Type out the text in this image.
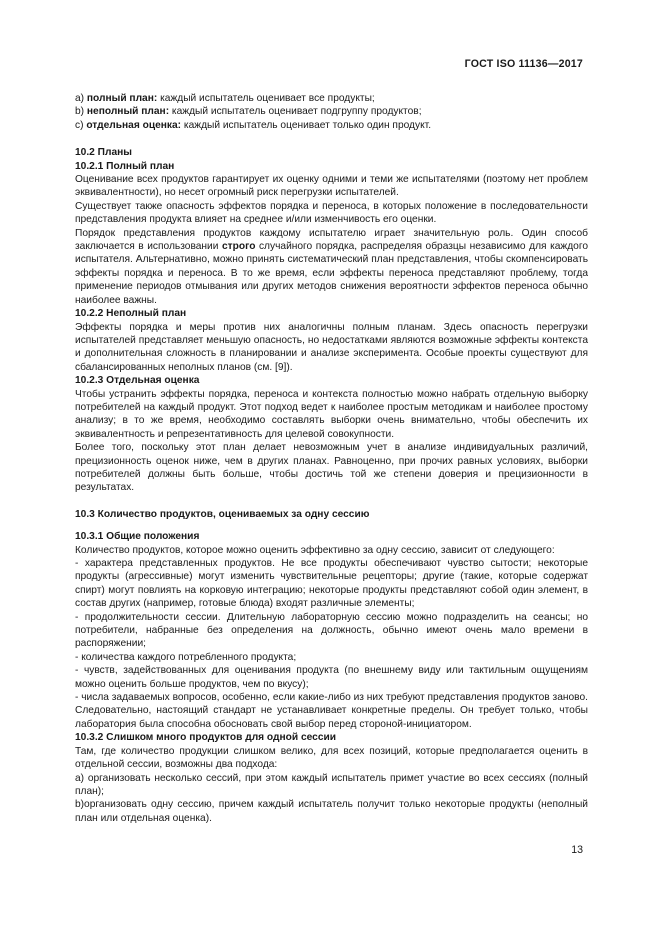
ГОСТ ISO 11136—2017

a) полный план: каждый испытатель оценивает все продукты;

b) неполный план: каждый испытатель оценивает подгруппу продуктов;

c) отдельная оценка: каждый испытатель оценивает только один продукт.

10.2 Планы

10.2.1 Полный план

Оценивание всех продуктов гарантирует их оценку одними и теми же испытателями (поэтому нет проблем эквивалентности), но несет огромный риск перегрузки испытателей.

Существует также опасность эффектов порядка и переноса, в которых положение в последовательности представления продукта влияет на среднее и/или изменчивость его оценки.

Порядок представления продуктов каждому испытателю играет значительную роль. Один способ заключается в использовании строго случайного порядка, распределяя образцы независимо для каждого испытателя. Альтернативно, можно принять систематический план представления, чтобы скомпенсировать эффекты порядка и переноса. В то же время, если эффекты переноса представляют проблему, тогда применение периодов отмывания или других методов снижения вероятности эффектов переноса обычно наиболее важны.

10.2.2 Неполный план

Эффекты порядка и меры против них аналогичны полным планам. Здесь опасность перегрузки испытателей представляет меньшую опасность, но недостатками являются возможные эффекты контекста и дополнительная сложность в планировании и анализе эксперимента. Особые проекты существуют для сбалансированных неполных планов (см. [9]).

10.2.3 Отдельная оценка

Чтобы устранить эффекты порядка, переноса и контекста полностью можно набрать отдельную выборку потребителей на каждый продукт. Этот подход ведет к наиболее простым методикам и наиболее простому анализу; в то же время, необходимо составлять выборки очень внимательно, чтобы обеспечить их эквивалентность и репрезентативность для целевой совокупности.

Более того, поскольку этот план делает невозможным учет в анализе индивидуальных различий, прецизионность оценок ниже, чем в других планах. Равноценно, при прочих равных условиях, выборки потребителей должны быть больше, чтобы достичь той же степени доверия и прецизионности в результатах.

10.3 Количество продуктов, оцениваемых за одну сессию

10.3.1 Общие положения

Количество продуктов, которое можно оценить эффективно за одну сессию, зависит от следующего:

- характера представленных продуктов. Не все продукты обеспечивают чувство сытости; некоторые продукты (агрессивные) могут изменить чувствительные рецепторы; другие (такие, которые содержат спирт) могут повлиять на корковую интеграцию; некоторые продукты представляют собой один элемент, в состав других (например, готовые блюда) входят различные элементы;

- продолжительности сессии. Длительную лабораторную сессию можно подразделить на сеансы; но потребители, набранные без определения на должность, обычно имеют очень мало времени в распоряжении;

- количества каждого потребленного продукта;

- чувств, задействованных для оценивания продукта (по внешнему виду или тактильным ощущениям можно оценить больше продуктов, чем по вкусу);

- числа задаваемых вопросов, особенно, если какие-либо из них требуют представления продуктов заново.

Следовательно, настоящий стандарт не устанавливает конкретные пределы. Он требует только, чтобы лаборатория была способна обосновать свой выбор перед стороной-инициатором.

10.3.2 Слишком много продуктов для одной сессии

Там, где количество продукции слишком велико, для всех позиций, которые предполагается оценить в отдельной сессии, возможны два подхода:

a) организовать несколько сессий, при этом каждый испытатель примет участие во всех сессиях (полный план);

b)организовать одну сессию, причем каждый испытатель получит только некоторые продукты (неполный план или отдельная оценка).

13
